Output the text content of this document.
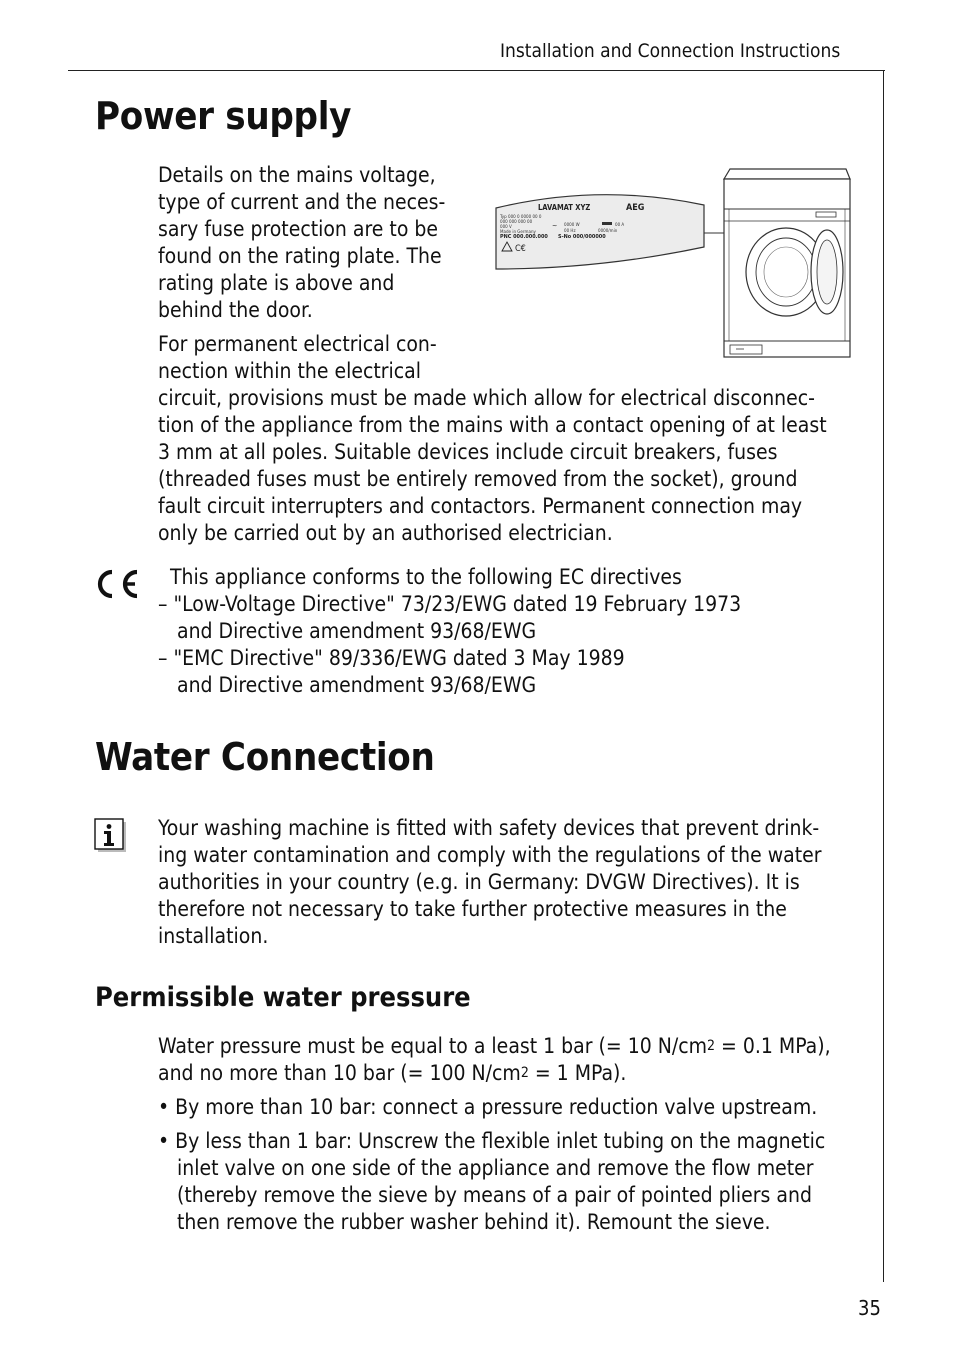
Installation and Connection Instructions
Power supply
Details on the mains voltage,
type of current and the neces-
sary fuse protection are to be
found on the rating plate. The
rating plate is above and
behind the door.
For permanent electrical con-
nection within the electrical
circuit, provisions must be made which allow for electrical disconnec-
tion of the appliance from the mains with a contact opening of at least
3 mm at all poles. Suitable devices include circuit breakers, fuses
(threaded fuses must be entirely removed from the socket), ground
fault circuit interrupters and contactors. Permanent connection may
only be carried out by an authorised electrician.
LAVAMAT XYZ	AEG
Typ 000 0 0000 00 0
000 000 000 00
000 V
Made in Germany
PNC 000.000.000
~ 0000 W
00 Hz
00 A
0000/min
S-No 000/000000
C€
This appliance conforms to the following EC directives
– "Low-Voltage Directive" 73/23/EWG dated 19 February 1973
and Directive amendment 93/68/EWG
– "EMC Directive" 89/336/EWG dated 3 May 1989
and Directive amendment 93/68/EWG
Water Connection
Your washing machine is fitted with safety devices that prevent drink-
ing water contamination and comply with the regulations of the water
authorities in your country (e.g. in Germany: DVGW Directives). It is
therefore not necessary to take further protective measures in the
installation.
Permissible water pressure
Water pressure must be equal to a least 1 bar (= 10 $N/cm^2 = 0.1$ MPa),
and no more than 10 bar (= 100 $N/cm^2 = 1$ MPa).
• By more than 10 bar: connect a pressure reduction valve upstream.
• By less than 1 bar: Unscrew the flexible inlet tubing on the magnetic
inlet valve on one side of the appliance and remove the flow meter
(thereby remove the sieve by means of a pair of pointed pliers and
then remove the rubber washer behind it). Remount the sieve.
35
